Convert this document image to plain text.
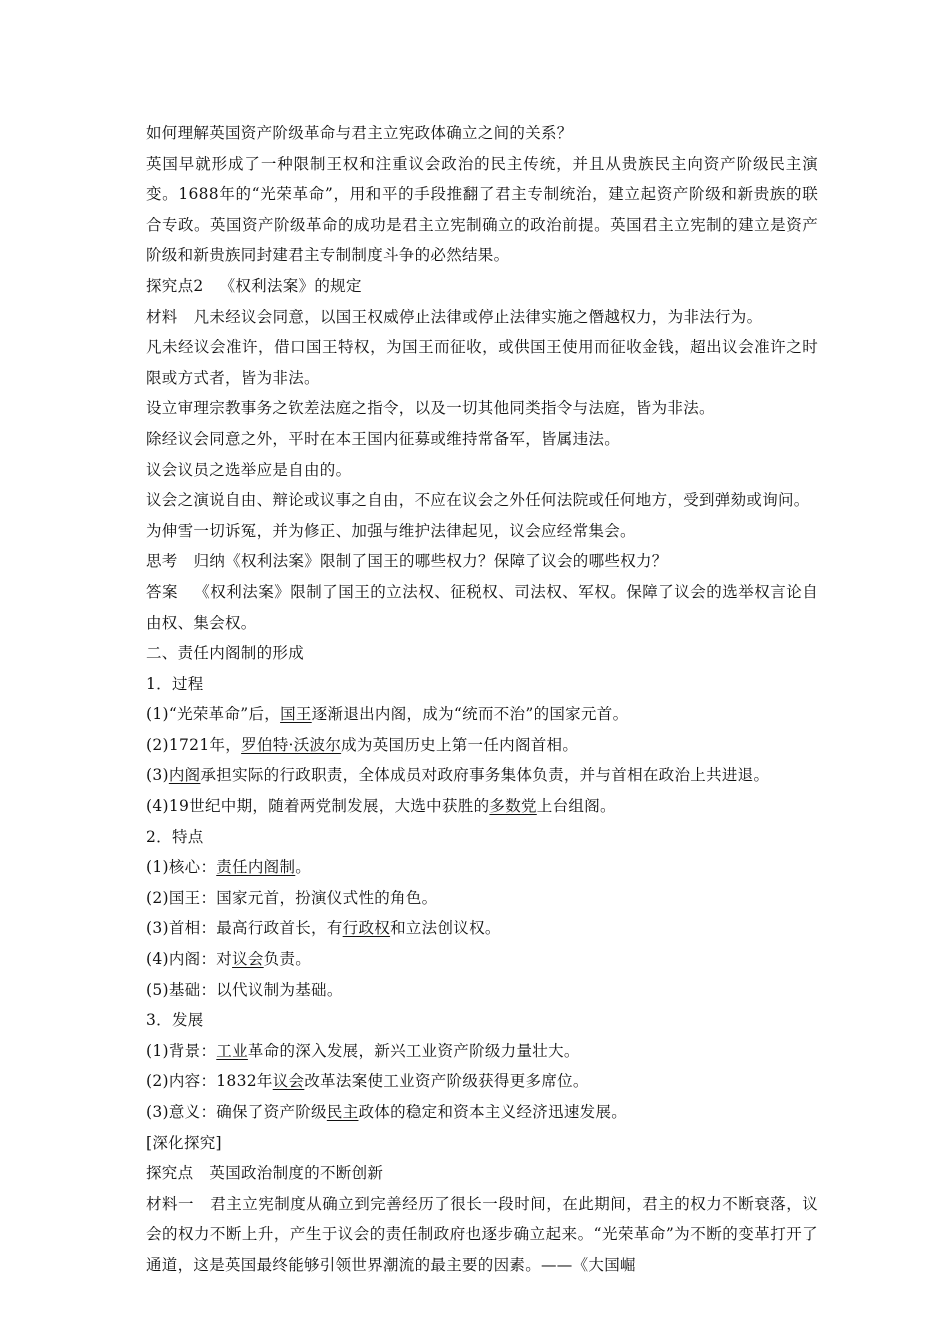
如何理解英国资产阶级革命与君主立宪政体确立之间的关系？
英国早就形成了一种限制王权和注重议会政治的民主传统，并且从贵族民主向资产阶级民主演变。1688年的“光荣革命”，用和平的手段推翻了君主专制统治，建立起资产阶级和新贵族的联合专政。英国资产阶级革命的成功是君主立宪制确立的政治前提。英国君主立宪制的建立是资产阶级和新贵族同封建君主专制制度斗争的必然结果。
探究点2 《权利法案》的规定
材料 凡未经议会同意，以国王权威停止法律或停止法律实施之僭越权力，为非法行为。
凡未经议会准许，借口国王特权，为国王而征收，或供国王使用而征收金钱，超出议会准许之时限或方式者，皆为非法。
设立审理宗教事务之钦差法庭之指令，以及一切其他同类指令与法庭，皆为非法。
除经议会同意之外，平时在本王国内征募或维持常备军，皆属违法。
议会议员之选举应是自由的。
议会之演说自由、辩论或议事之自由，不应在议会之外任何法院或任何地方，受到弹劾或询问。
为伸雪一切诉冤，并为修正、加强与维护法律起见，议会应经常集会。
思考 归纳《权利法案》限制了国王的哪些权力？保障了议会的哪些权力？
答案 《权利法案》限制了国王的立法权、征税权、司法权、军权。保障了议会的选举权言论自由权、集会权。
二、责任内阁制的形成
1．过程
(1)“光荣革命”后，国王逐渐退出内阁，成为“统而不治”的国家元首。
(2)1721年，罗伯特·沃波尔成为英国历史上第一任内阁首相。
(3)内阁承担实际的行政职责，全体成员对政府事务集体负责，并与首相在政治上共进退。
(4)19世纪中期，随着两党制发展，大选中获胜的多数党上台组阁。
2．特点
(1)核心：责任内阁制。
(2)国王：国家元首，扮演仪式性的角色。
(3)首相：最高行政首长，有行政权和立法创议权。
(4)内阁：对议会负责。
(5)基础：以代议制为基础。
3．发展
(1)背景：工业革命的深入发展，新兴工业资产阶级力量壮大。
(2)内容：1832年议会改革法案使工业资产阶级获得更多席位。
(3)意义：确保了资产阶级民主政体的稳定和资本主义经济迅速发展。
[深化探究]
探究点 英国政治制度的不断创新
材料一 君主立宪制度从确立到完善经历了很长一段时间，在此期间，君主的权力不断衰落，议会的权力不断上升，产生于议会的责任制政府也逐步确立起来。“光荣革命”为不断的变革打开了通道，这是英国最终能够引领世界潮流的最主要的因素。——《大国崛
